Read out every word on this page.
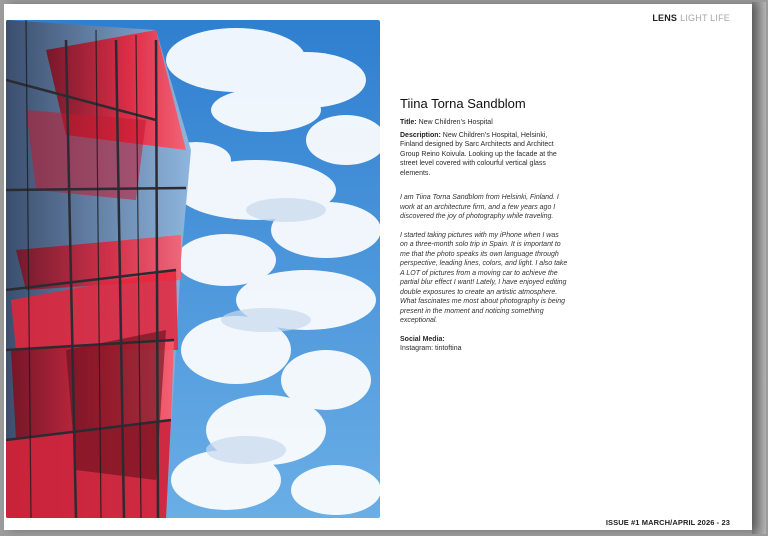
LENS LIGHT LIFE
Tiina Torna Sandblom
Title: New Children’s Hospital
Description: New Children’s Hospital, Helsinki, Finland designed by Sarc Architects and Architect Group Reino Koivula. Looking up the facade at the street level covered with colourful vertical glass elements.

I am Tiina Torna Sandblom from Helsinki, Finland. I work at an architecture firm, and a few years ago I discovered the joy of photography while traveling.

I started taking pictures with my iPhone when I was on a three-month solo trip in Spain. It is important to me that the photo speaks its own language through perspective, leading lines, colors, and light. I also take A LOT of pictures from a moving car to achieve the partial blur effect I want! Lately, I have enjoyed editing double exposures to create an artistic atmosphere. What fascinates me most about photography is being present in the moment and noticing something exceptional.

Social Media:
Instagram: tintoftina
ISSUE #1 MARCH/APRIL 2026 - 23
